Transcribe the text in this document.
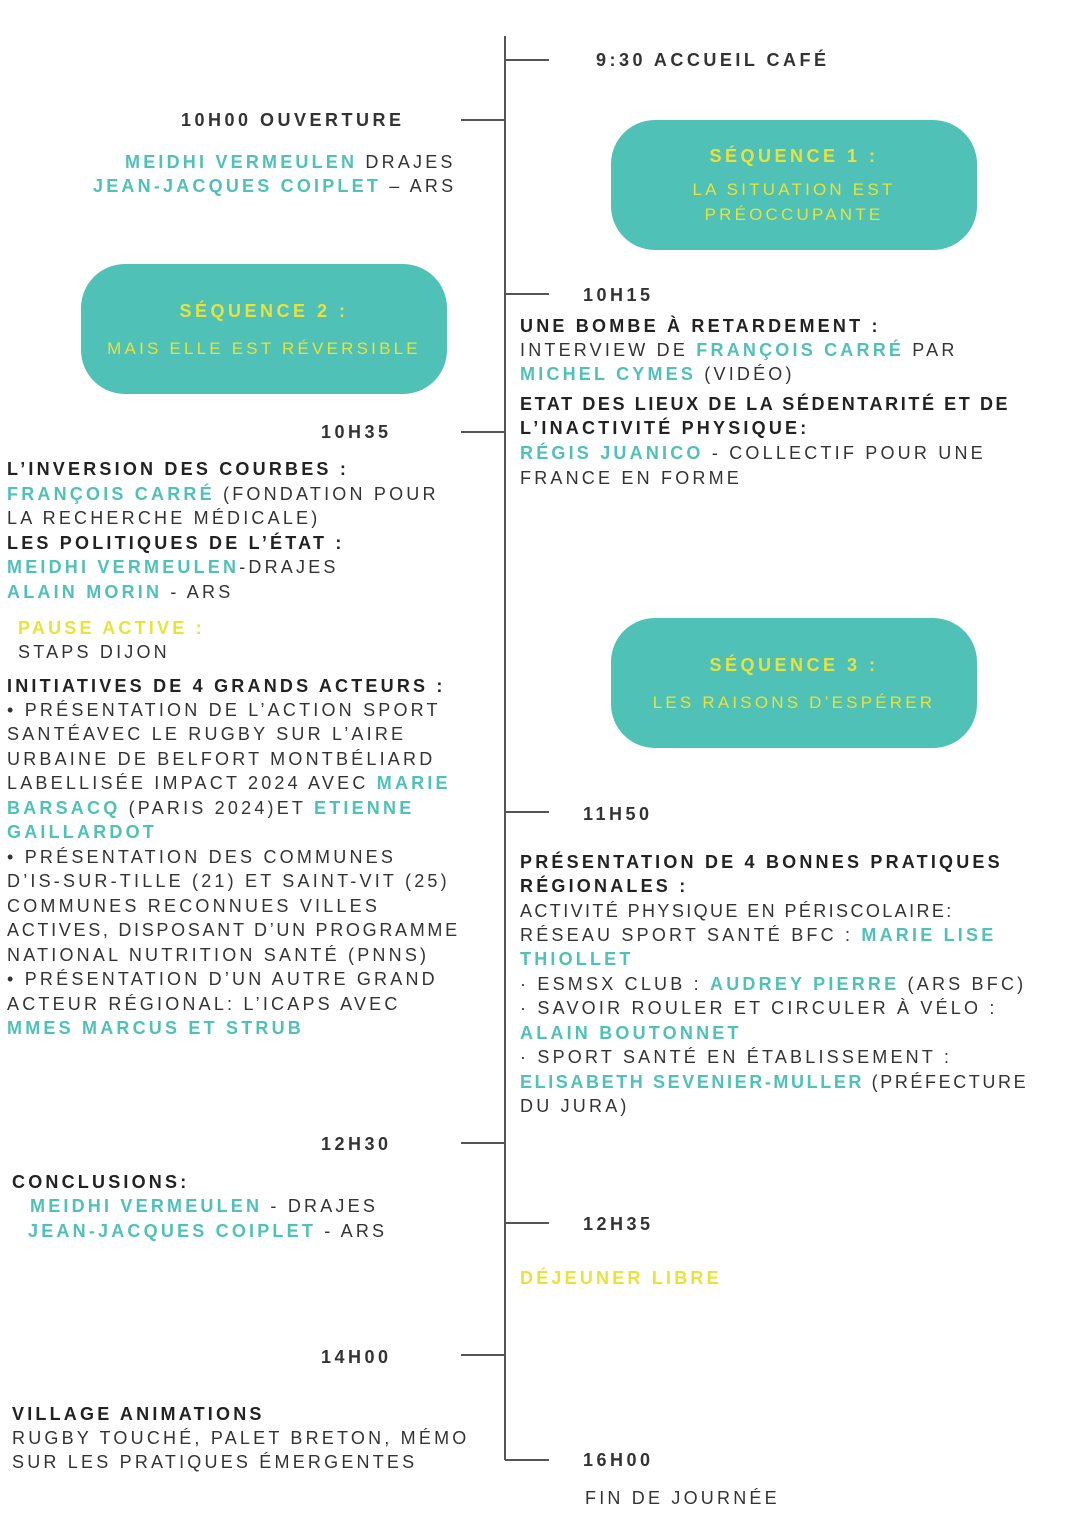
9:30 ACCUEIL CAFÉ
10H00 OUVERTURE
MEIDHI VERMEULEN DRAJES
JEAN-JACQUES COIPLET – ARS
SÉQUENCE 1 :
LA SITUATION EST
PRÉOCCUPANTE
SÉQUENCE 2 :
MAIS ELLE EST RÉVERSIBLE
10H15
UNE BOMBE À RETARDEMENT :
INTERVIEW DE FRANÇOIS CARRÉ PAR
MICHEL CYMES (VIDÉO)
ETAT DES LIEUX DE LA SÉDENTARITÉ ET DE
L’INACTIVITÉ PHYSIQUE:
RÉGIS JUANICO - COLLECTIF POUR UNE
FRANCE EN FORME
10H35
L’INVERSION DES COURBES :
FRANÇOIS CARRÉ (FONDATION POUR
LA RECHERCHE MÉDICALE)
LES POLITIQUES DE L’ÉTAT :
MEIDHI VERMEULEN-DRAJES
ALAIN MORIN - ARS
PAUSE ACTIVE :
STAPS DIJON
INITIATIVES DE 4 GRANDS ACTEURS :
• PRÉSENTATION DE L’ACTION SPORT
SANTÉAVEC LE RUGBY SUR L’AIRE
URBAINE DE BELFORT MONTBÉLIARD
LABELLISÉE IMPACT 2024 AVEC MARIE
BARSACQ (PARIS 2024)ET ETIENNE
GAILLARDOT
• PRÉSENTATION DES COMMUNES
D’IS-SUR-TILLE (21) ET SAINT-VIT (25)
COMMUNES RECONNUES VILLES
ACTIVES, DISPOSANT D’UN PROGRAMME
NATIONAL NUTRITION SANTÉ (PNNS)
• PRÉSENTATION D’UN AUTRE GRAND
ACTEUR RÉGIONAL: L’ICAPS AVEC
MMES MARCUS ET STRUB
SÉQUENCE 3 :
LES RAISONS D’ESPÉRER
11H50
PRÉSENTATION DE 4 BONNES PRATIQUES
RÉGIONALES :
ACTIVITÉ PHYSIQUE EN PÉRISCOLAIRE:
RÉSEAU SPORT SANTÉ BFC : MARIE LISE
THIOLLET
· ESMSX CLUB : AUDREY PIERRE (ARS BFC)
· SAVOIR ROULER ET CIRCULER À VÉLO :
ALAIN BOUTONNET
· SPORT SANTÉ EN ÉTABLISSEMENT :
ELISABETH SEVENIER-MULLER (PRÉFECTURE
DU JURA)
12H30
CONCLUSIONS:
MEIDHI VERMEULEN - DRAJES
JEAN-JACQUES COIPLET - ARS	12H35
DÉJEUNER LIBRE
14H00
VILLAGE ANIMATIONS
RUGBY TOUCHÉ, PALET BRETON, MÉMO
SUR LES PRATIQUES ÉMERGENTES	16H00
FIN DE JOURNÉE
